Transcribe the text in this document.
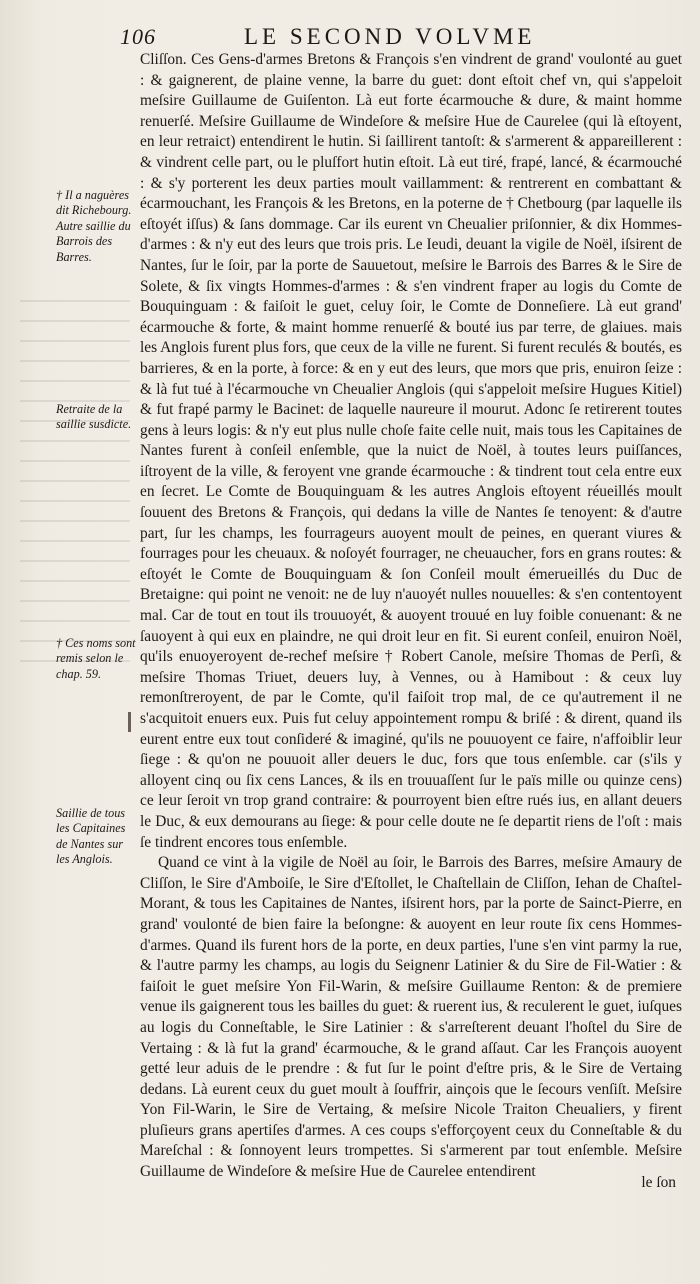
106	LE SECOND VOLVME
† Il a naguères dit Richebourg. Autre saillie du Barrois des Barres.
Retraite de la saillie susdicte.
† Ces noms sont remis selon le chap. 59.
Saillie de tous les Capitaines de Nantes sur les Anglois.

Cliſſon. Ces Gens-d'armes Bretons & François s'en vindrent de grand' voulonté au guet : & gaignerent, de plaine venne, la barre du guet: dont eſtoit chef vn, qui s'appeloit meſsire Guillaume de Guiſenton. Là eut forte écarmouche & dure, & maint homme renuerſé. Meſsire Guillaume de Windeſore & meſsire Hue de Caurelee (qui là eſtoyent, en leur retraict) entendirent le hutin. Si ſaillirent tantoſt: & s'armerent & appareillerent : & vindrent celle part, ou le pluſfort hutin eſtoit. Là eut tiré, frapé, lancé, & écarmouché : & s'y porterent les deux parties moult vaillamment: & rentrerent en combattant & écarmouchant, les François & les Bretons, en la poterne de † Chetbourg (par laquelle ils eſtoyét iſſus) & ſans dommage. Car ils eurent vn Cheualier priſonnier, & dix Hommes-d'armes : & n'y eut des leurs que trois pris. Le Ieudi, deuant la vigile de Noël, iſsirent de Nantes, ſur le ſoir, par la porte de Sauuetout, meſsire le Barrois des Barres & le Sire de Solete, & ſix vingts Hommes-d'armes : & s'en vindrent fraper au logis du Comte de Bouquinguam : & faiſoit le guet, celuy ſoir, le Comte de Donneſiere. Là eut grand' écarmouche & forte, & maint homme renuerſé & bouté ius par terre, de glaiues. mais les Anglois furent plus fors, que ceux de la ville ne furent. Si furent reculés & boutés, es barrieres, & en la porte, à force: & en y eut des leurs, que mors que pris, enuiron ſeize : & là fut tué à l'écarmouche vn Cheualier Anglois (qui s'appeloit meſsire Hugues Kitiel) & fut frapé parmy le Bacinet: de laquelle naureure il mourut. Adonc ſe retirerent toutes gens à leurs logis: & n'y eut plus nulle choſe faite celle nuit, mais tous les Capitaines de Nantes furent à conſeil enſemble, que la nuict de Noël, à toutes leurs puiſſances, iſtroyent de la ville, & feroyent vne grande écarmouche : & tindrent tout cela entre eux en ſecret. Le Comte de Bouquinguam & les autres Anglois eſtoyent réueillés moult ſouuent des Bretons & François, qui dedans la ville de Nantes ſe tenoyent: & d'autre part, ſur les champs, les fourrageurs auoyent moult de peines, en querant viures & fourrages pour les cheuaux. & noſoyét fourrager, ne cheuaucher, fors en grans routes: & eſtoyét le Comte de Bouquinguam & ſon Conſeil moult émerueillés du Duc de Bretaigne: qui point ne venoit: ne de luy n'auoyét nulles nouuelles: & s'en contentoyent mal. Car de tout en tout ils trouuoyét, & auoyent trouué en luy foible conuenant: & ne ſauoyent à qui eux en plaindre, ne qui droit leur en fit. Si eurent conſeil, enuiron Noël, qu'ils enuoyeroyent de-rechef meſsire † Robert Canole, meſsire Thomas de Perſi, & meſsire Thomas Triuet, deuers luy, à Vennes, ou à Hamibout : & ceux luy remonſtreroyent, de par le Comte, qu'il faiſoit trop mal, de ce qu'autrement il ne s'acquitoit enuers eux. Puis fut celuy appointement rompu & briſé : & dirent, quand ils eurent entre eux tout conſideré & imaginé, qu'ils ne pouuoyent ce faire, n'affoiblir leur ſiege : & qu'on ne pouuoit aller deuers le duc, fors que tous enſemble. car (s'ils y alloyent cinq ou ſix cens Lances, & ils en trouuaſſent ſur le païs mille ou quinze cens) ce leur ſeroit vn trop grand contraire: & pourroyent bien eſtre rués ius, en allant deuers le Duc, & eux demourans au ſiege: & pour celle doute ne ſe departit riens de l'oſt : mais ſe tindrent encores tous enſemble.

Quand ce vint à la vigile de Noël au ſoir, le Barrois des Barres, meſsire Amaury de Cliſſon, le Sire d'Amboiſe, le Sire d'Eſtollet, le Chaſtellain de Cliſſon, Iehan de Chaſtel-Morant, & tous les Capitaines de Nantes, iſsirent hors, par la porte de Sainct-Pierre, en grand' voulonté de bien faire la beſongne: & auoyent en leur route ſix cens Hommes-d'armes. Quand ils furent hors de la porte, en deux parties, l'une s'en vint parmy la rue, & l'autre parmy les champs, au logis du Seignenr Latinier & du Sire de Fil-Watier : & faiſoit le guet meſsire Yon Fil-Warin, & meſsire Guillaume Renton: & de premiere venue ils gaignerent tous les bailles du guet: & ruerent ius, & reculerent le guet, iuſques au logis du Conneſtable, le Sire Latinier : & s'arreſterent deuant l'hoſtel du Sire de Vertaing : & là fut la grand' écarmouche, & le grand aſſaut. Car les François auoyent getté leur aduis de le prendre : & fut ſur le point d'eſtre pris, & le Sire de Vertaing dedans. Là eurent ceux du guet moult à ſouffrir, ainçois que le ſecours venſiſt. Meſsire Yon Fil-Warin, le Sire de Vertaing, & meſsire Nicole Traiton Cheualiers, y firent pluſieurs grans apertiſes d'armes. A ces coups s'efforçoyent ceux du Conneſtable & du Mareſchal : & ſonnoyent leurs trompettes. Si s'armerent par tout enſemble. Meſsire Guillaume de Windeſore & meſsire Hue de Caurelee entendirent

le ſon
